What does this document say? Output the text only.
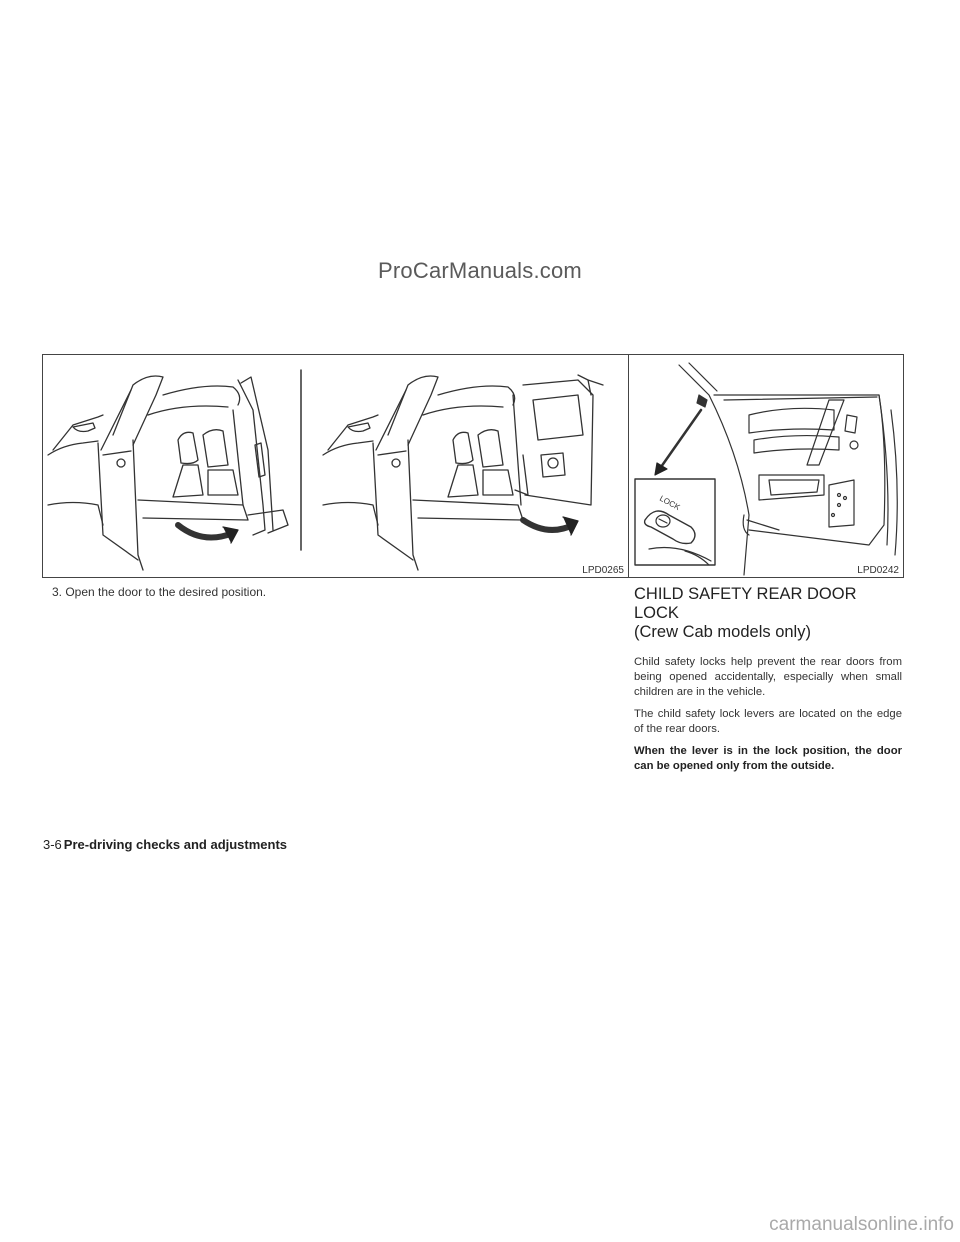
ProCarManuals.com
LPD0265
LOCK
LPD0242
3. Open the door to the desired position.	CHILD SAFETY REAR DOOR LOCK
(Crew Cab models only)

Child safety locks help prevent the rear doors from being opened accidentally, especially when small children are in the vehicle.

The child safety lock levers are located on the edge of the rear doors.

When the lever is in the lock position, the door can be opened only from the outside.

3-6 Pre-driving checks and adjustments
carmanualsonline.info
